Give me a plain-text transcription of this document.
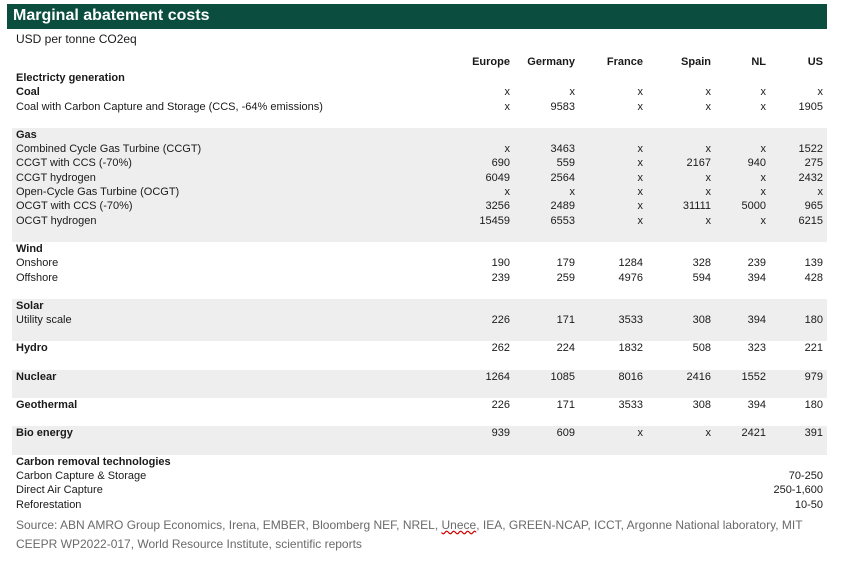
Marginal abatement costs
USD per tonne CO2eq
		Europe	Germany	France	Spain	NL	US	
Electricty generation								
Coal		x	x	x	x	x	x	
Coal with Carbon Capture and Storage (CCS, -64% emissions)		x	9583	x	x	x	1905	

Gas								
Combined Cycle Gas Turbine (CCGT)		x	3463	x	x	x	1522	
CCGT with CCS (-70%)		690	559	x	2167	940	275	
CCGT hydrogen		6049	2564	x	x	x	2432	
Open-Cycle Gas Turbine (OCGT)		x	x	x	x	x	x	
OCGT with CCS (-70%)		3256	2489	x	31111	5000	965	
OCGT hydrogen		15459	6553	x	x	x	6215	

Wind								
Onshore		190	179	1284	328	239	139	
Offshore		239	259	4976	594	394	428	

Solar								
Utility scale		226	171	3533	308	394	180	

Hydro		262	224	1832	508	323	221	

Nuclear		1264	1085	8016	2416	1552	979	

Geothermal		226	171	3533	308	394	180	

Bio energy		939	609	x	x	2421	391	

Carbon removal technologies								
Carbon Capture & Storage	70-250							
Direct Air Capture	250-1,600							
Reforestation	10-50							
Source: ABN AMRO Group Economics, Irena, EMBER, Bloomberg NEF, NREL, Unece, IEA, GREEN-NCAP, ICCT, Argonne National laboratory, MIT CEEPR WP2022-017, World Resource Institute, scientific reports
